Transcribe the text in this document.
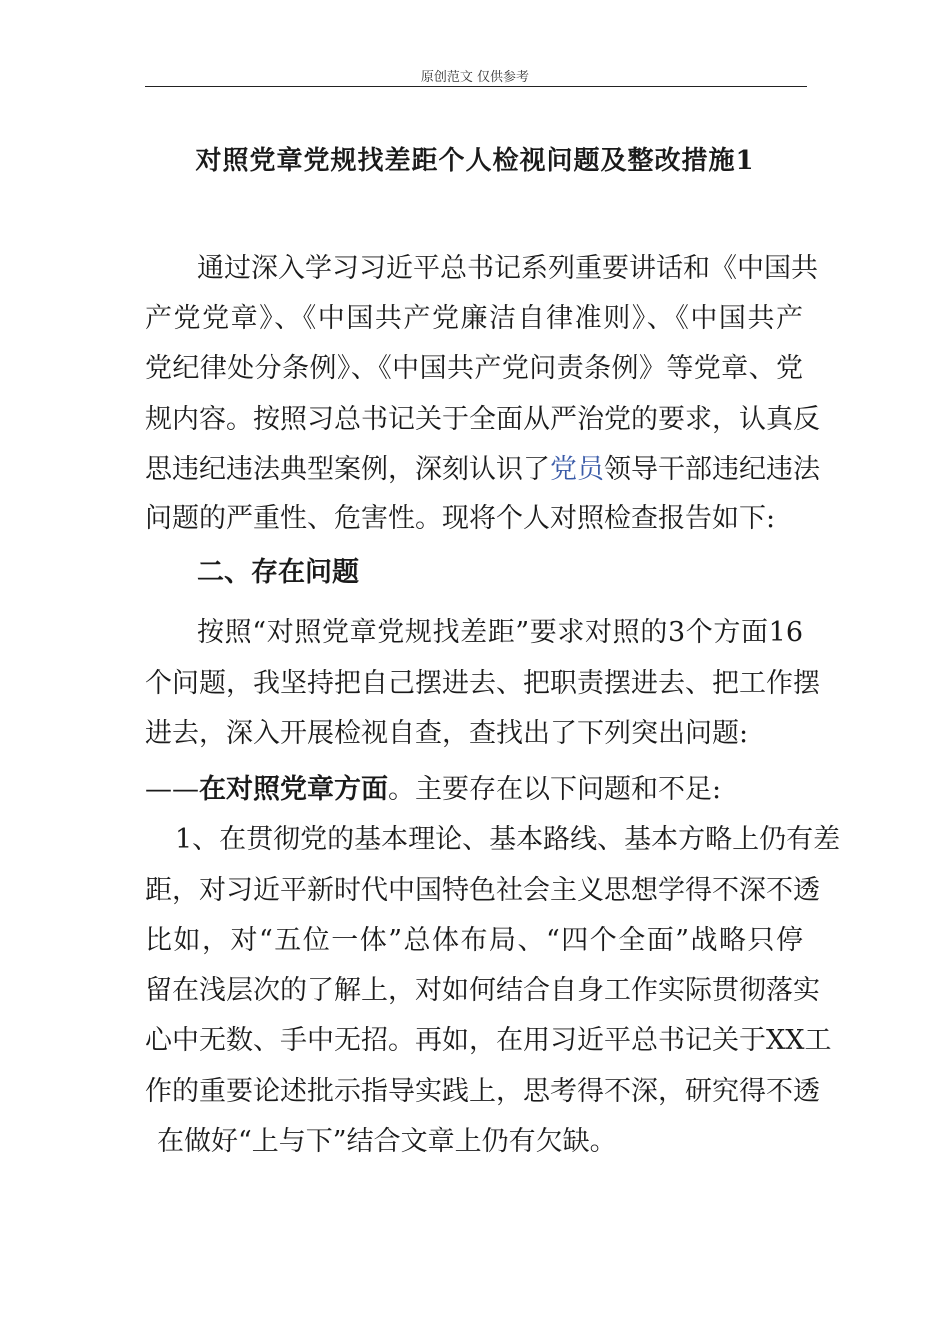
原创范文 仅供参考
对照党章党规找差距个人检视问题及整改措施1
通过深入学习习近平总书记系列重要讲话和《中国共
产党党章》、《中国共产党廉洁自律准则》、《中国共产
党纪律处分条例》、《中国共产党问责条例》等党章、党
规内容。按照习总书记关于全面从严治党的要求，认真反
思违纪违法典型案例，深刻认识了党员领导干部违纪违法
问题的严重性、危害性。现将个人对照检查报告如下:
二、存在问题
按照“对照党章党规找差距”要求对照的3个方面16
个问题，我坚持把自己摆进去、把职责摆进去、把工作摆
进去，深入开展检视自查，查找出了下列突出问题:
——在对照党章方面。主要存在以下问题和不足:
1、在贯彻党的基本理论、基本路线、基本方略上仍有差
距，对习近平新时代中国特色社会主义思想学得不深不透
比如，对“五位一体”总体布局、“四个全面”战略只停
留在浅层次的了解上，对如何结合自身工作实际贯彻落实
心中无数、手中无招。再如，在用习近平总书记关于XX工
作的重要论述批示指导实践上，思考得不深，研究得不透
在做好“上与下”结合文章上仍有欠缺。
